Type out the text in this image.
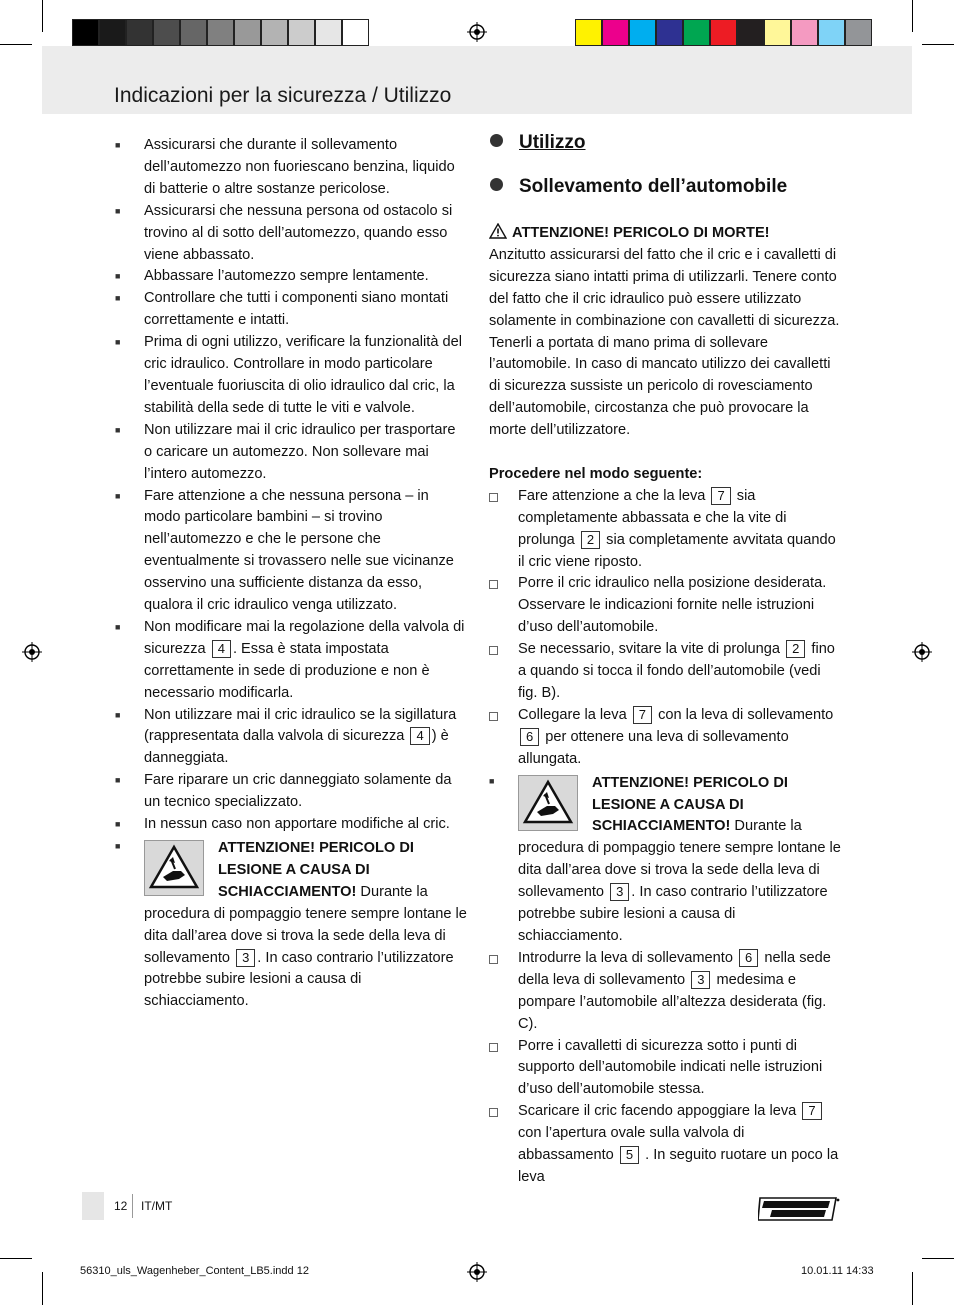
Indicazioni per la sicurezza / Utilizzo

■ Assicurarsi che durante il sollevamento dell’automezzo non fuoriescano benzina, liquido di batterie o altre sostanze pericolose.

■ Assicurarsi che nessuna persona od ostacolo si trovino al di sotto dell’automezzo, quando esso viene abbassato.

■ Abbassare l’automezzo sempre lentamente.

■ Controllare che tutti i componenti siano montati correttamente e intatti.

■ Prima di ogni utilizzo, verificare la funzionalità del cric idraulico. Controllare in modo particolare l’eventuale fuoriuscita di olio idraulico dal cric, la stabilità della sede di tutte le viti e valvole.

■ Non utilizzare mai il cric idraulico per trasportare o caricare un automezzo. Non sollevare mai l’intero automezzo.

■ Fare attenzione a che nessuna persona – in modo particolare bambini – si trovino nell’automezzo e che le persone che eventualmente si trovassero nelle sue vicinanze osservino una sufficiente distanza da esso, qualora il cric idraulico venga utilizzato.

■ Non modificare mai la regolazione della valvola di sicurezza 4 . Essa è stata impostata correttamente in sede di produzione e non è necessario modificarla.

■ Non utilizzare mai il cric idraulico se la sigillatura (rappresentata dalla valvola di sicurezza 4 ) è danneggiata.

■ Fare riparare un cric danneggiato solamente da un tecnico specializzato.

■ In nessun caso non apportare modifiche al cric.

■	ATTENZIONE! PERICOLO DI LESIONE A CAUSA DI SCHIACCIAMENTO! Durante la procedura di pompaggio tenere sempre lontane le dita dall’area dove si trova la sede della leva di sollevamento 3 . In caso contrario l’utilizzatore potrebbe subire lesioni a causa di schiacciamento.

Utilizzo
Sollevamento dell’automobile

ATTENZIONE! PERICOLO DI MORTE!

Anzitutto assicurarsi del fatto che il cric e i cavalletti di sicurezza siano intatti prima di utilizzarli. Tenere conto del fatto che il cric idraulico può essere utilizzato solamente in combinazione con cavalletti di sicurezza. Tenerli a portata di mano prima di sollevare l’automobile. In caso di mancato utilizzo dei cavalletti di sicurezza sussiste un pericolo di rovesciamento dell’automobile, circostanza che può provocare la morte dell’utilizzatore.

Procedere nel modo seguente:

Fare attenzione a che la leva 7 sia completamente abbassata e che la vite di prolunga 2 sia completamente avvitata quando il cric viene riposto.

Porre il cric idraulico nella posizione desiderata. Osservare le indicazioni fornite nelle istruzioni d’uso dell’automobile.

Se necessario, svitare la vite di prolunga 2 fino a quando si tocca il fondo dell’automobile (vedi fig. B).

Collegare la leva 7 con la leva di sollevamento 6 per ottenere una leva di sollevamento allungata.

■	ATTENZIONE! PERICOLO DI LESIONE A CAUSA DI SCHIACCIAMENTO! Durante la procedura di pompaggio tenere sempre lontane le dita dall’area dove si trova la sede della leva di sollevamento 3 . In caso contrario l’utilizzatore potrebbe subire lesioni a causa di schiacciamento.

Introdurre la leva di sollevamento 6 nella sede della leva di sollevamento 3 medesima e pompare l’automobile all’altezza desiderata (fig. C).

Porre i cavalletti di sicurezza sotto i punti di supporto dell’automobile indicati nelle istruzioni d’uso dell’automobile stessa.

Scaricare il cric facendo appoggiare la leva 7 con l’apertura ovale sulla valvola di abbassamento 5 . In seguito ruotare un poco la leva

12 IT/MT
56310_uls_Wagenheber_Content_LB5.indd 12	10.01.11 14:33
